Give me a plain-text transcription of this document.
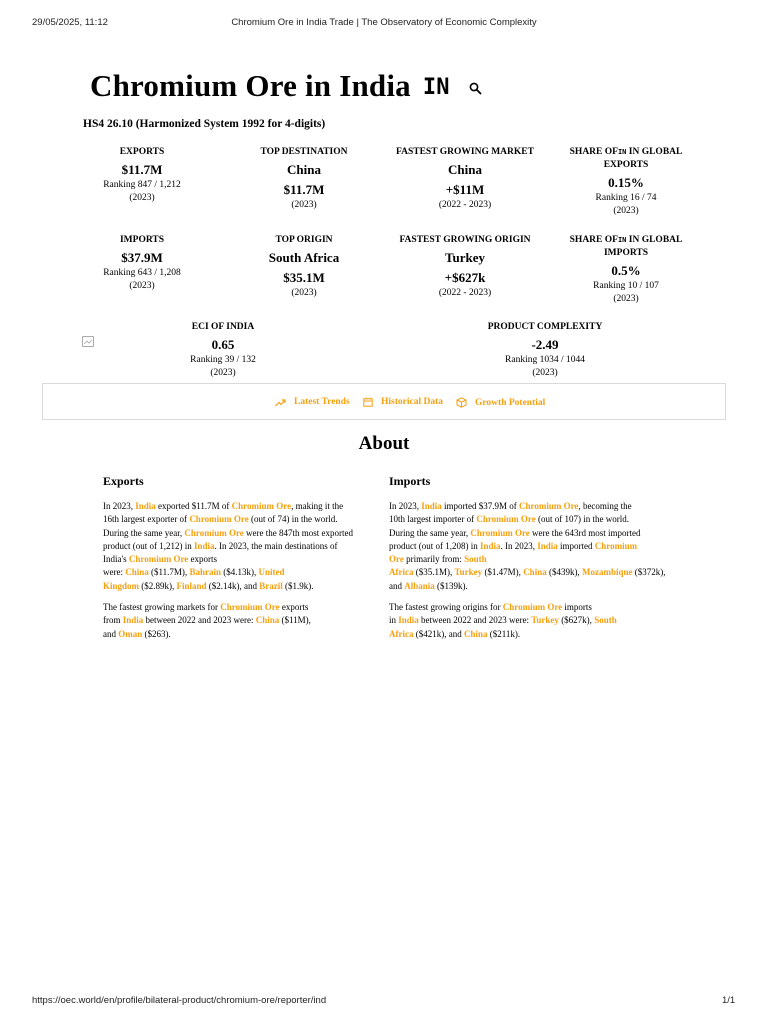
29/05/2025, 11:12	Chromium Ore in India Trade | The Observatory of Economic Complexity
Chromium Ore in India IN
HS4 26.10 (Harmonized System 1992 for 4-digits)
EXPORTS
$11.7M
Ranking 847 / 1,212
(2023)
TOP DESTINATION
China
$11.7M
(2023)
FASTEST GROWING MARKET
China
+$11M
(2022 - 2023)
SHARE OFIN IN GLOBAL EXPORTS
0.15%
Ranking 16 / 74
(2023)
IMPORTS
$37.9M
Ranking 643 / 1,208
(2023)
TOP ORIGIN
South Africa
$35.1M
(2023)
FASTEST GROWING ORIGIN
Turkey
+$627k
(2022 - 2023)
SHARE OFIN IN GLOBAL IMPORTS
0.5%
Ranking 10 / 107
(2023)
ECI OF INDIA
0.65
Ranking 39 / 132
(2023)
PRODUCT COMPLEXITY
-2.49
Ranking 1034 / 1044
(2023)
Latest Trends	Historical Data	Growth Potential
About
Exports	Imports
In 2023, India exported $11.7M of Chromium Ore, making it the
16th largest exporter of Chromium Ore (out of 74) in the world.
During the same year, Chromium Ore were the 847th most exported
product (out of 1,212) in India. In 2023, the main destinations of
India's Chromium Ore exports
were: China ($11.7M), Bahrain ($4.13k), United
Kingdom ($2.89k), Finland ($2.14k), and Brazil ($1.9k).
The fastest growing markets for Chromium Ore exports
from India between 2022 and 2023 were: China ($11M),
and Oman ($263).
In 2023, India imported $37.9M of Chromium Ore, becoming the
10th largest importer of Chromium Ore (out of 107) in the world.
During the same year, Chromium Ore were the 643rd most imported
product (out of 1,208) in India. In 2023, India imported Chromium
Ore primarily from: South
Africa ($35.1M), Turkey ($1.47M), China ($439k), Mozambique ($372k),
and Albania ($139k).
The fastest growing origins for Chromium Ore imports
in India between 2022 and 2023 were: Turkey ($627k), South
Africa ($421k), and China ($211k).
https://oec.world/en/profile/bilateral-product/chromium-ore/reporter/ind	1/1
